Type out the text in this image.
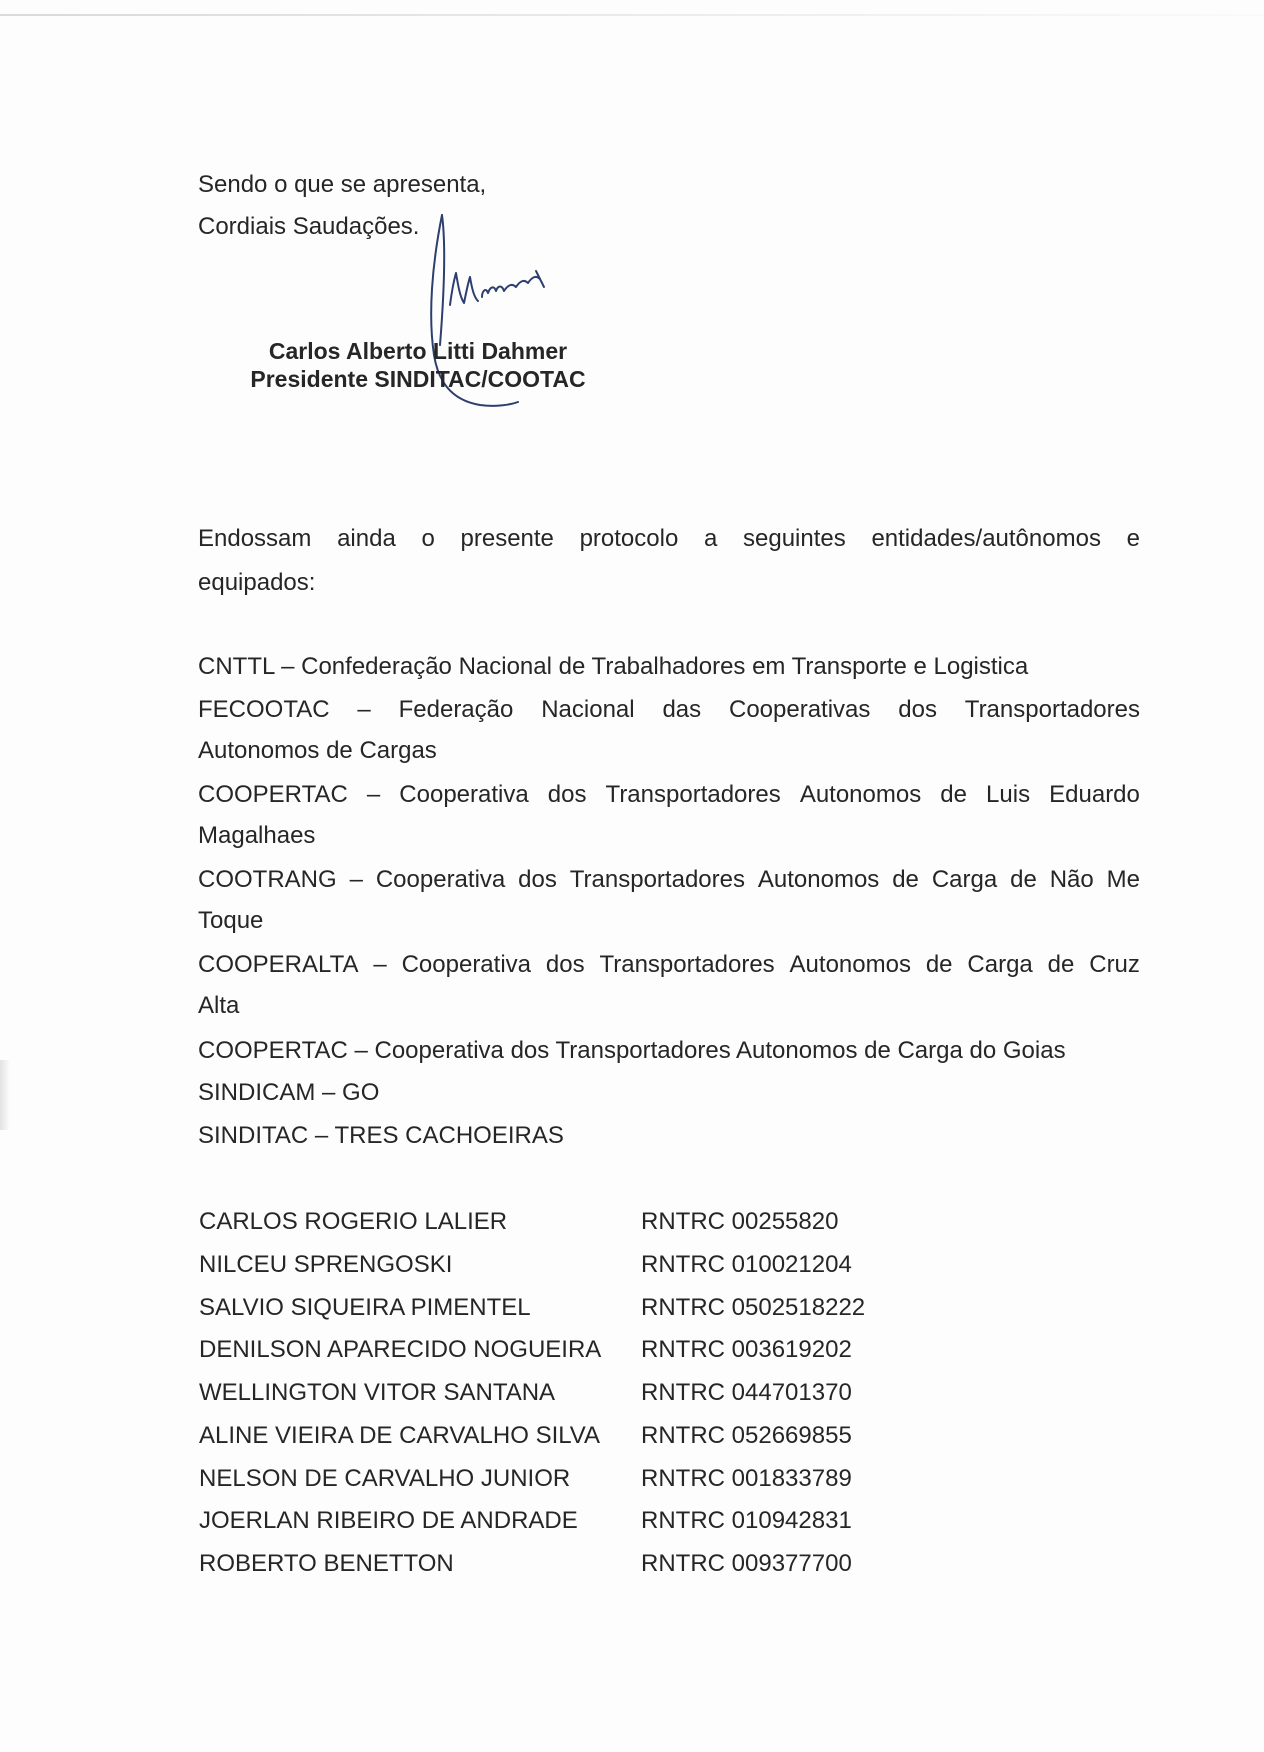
Sendo o que se apresenta,
Cordiais Saudações.
Carlos Alberto Litti Dahmer
Presidente SINDITAC/COOTAC
Endossam ainda o presente protocolo a seguintes entidades/autônomos e
equipados:
CNTTL – Confederação Nacional de Trabalhadores em Transporte e Logistica
FECOOTAC – Federação Nacional das Cooperativas dos Transportadores
Autonomos de Cargas
COOPERTAC – Cooperativa dos Transportadores Autonomos de Luis Eduardo
Magalhaes
COOTRANG – Cooperativa dos Transportadores Autonomos de Carga de Não Me
Toque
COOPERALTA – Cooperativa dos Transportadores Autonomos de Carga de Cruz
Alta
COOPERTAC – Cooperativa dos Transportadores Autonomos de Carga do Goias
SINDICAM – GO
SINDITAC – TRES CACHOEIRAS
CARLOS ROGERIO LALIER	RNTRC 00255820
NILCEU SPRENGOSKI	RNTRC 010021204
SALVIO SIQUEIRA PIMENTEL	RNTRC 0502518222
DENILSON APARECIDO NOGUEIRA RNTRC 003619202
WELLINGTON VITOR SANTANA	RNTRC 044701370
ALINE VIEIRA DE CARVALHO SILVA RNTRC 052669855
NELSON DE CARVALHO JUNIOR	RNTRC 001833789
JOERLAN RIBEIRO DE ANDRADE	RNTRC 010942831
ROBERTO BENETTON	RNTRC 009377700
